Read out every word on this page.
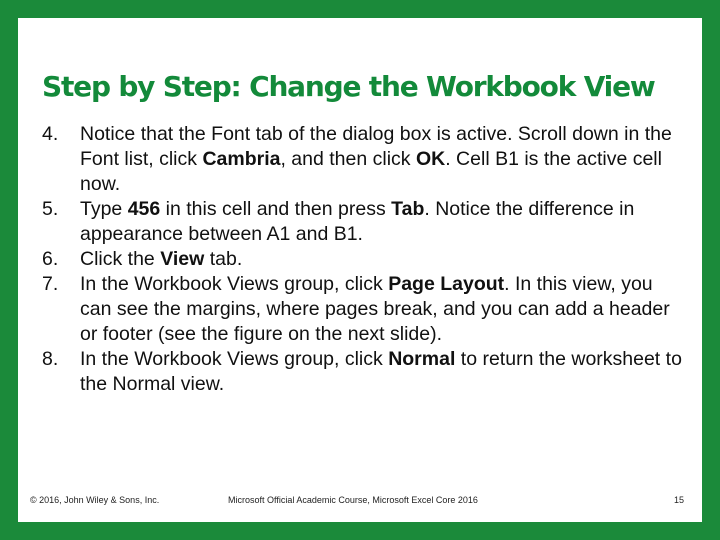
Step by Step: Change the Workbook View
4. Notice that the Font tab of the dialog box is active. Scroll down in the Font list, click Cambria, and then click OK. Cell B1 is the active cell now.
5. Type 456 in this cell and then press Tab. Notice the difference in appearance between A1 and B1.
6. Click the View tab.
7. In the Workbook Views group, click Page Layout. In this view, you can see the margins, where pages break, and you can add a header or footer (see the figure on the next slide).
8. In the Workbook Views group, click Normal to return the worksheet to the Normal view.
© 2016, John Wiley & Sons, Inc.	Microsoft Official Academic Course, Microsoft Excel Core 2016	15
